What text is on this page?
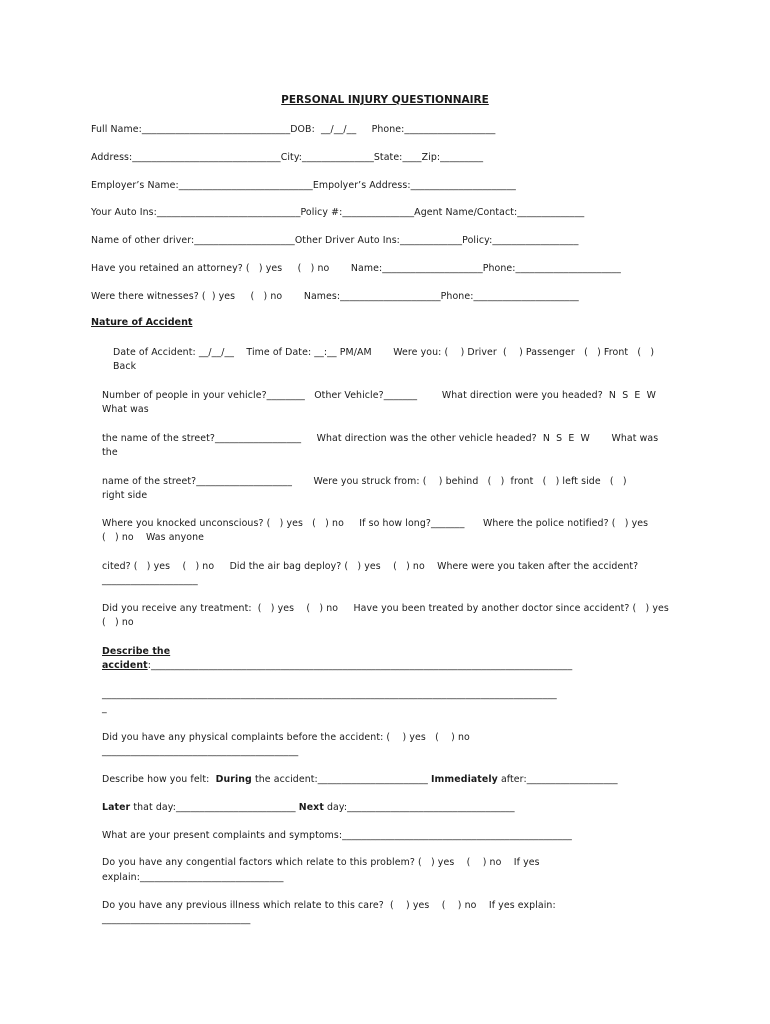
PERSONAL INJURY QUESTIONNAIRE
Full Name:_______________________________DOB:  __/__/__     Phone:___________________
Address:_______________________________City:_______________State:____Zip:_________
Employer’s Name:____________________________Empolyer’s Address:______________________
Your Auto Ins:______________________________Policy #:_______________Agent Name/Contact:______________
Name of other driver:_____________________Other Driver Auto Ins:_____________Policy:__________________
Have you retained an attorney? (   ) yes     (   ) no       Name:_____________________Phone:______________________
Were there witnesses? (  ) yes     (   ) no       Names:_____________________Phone:______________________
Nature of Accident
Date of Accident: __/__/__    Time of Date: __:__ PM/AM       Were you: (    ) Driver  (    ) Passenger   (   ) Front   (   )
Back
Number of people in your vehicle?________   Other Vehicle?_______        What direction were you headed?  N  S  E  W
What was
the name of the street?__________________     What direction was the other vehicle headed?  N  S  E  W       What was
the
name of the street?____________________       Were you struck from: (    ) behind   (   )  front   (   ) left side   (   )
right side
Where you knocked unconscious? (   ) yes   (   ) no     If so how long?_______      Where the police notified? (   ) yes
(   ) no    Was anyone
cited? (   ) yes    (   ) no     Did the air bag deploy? (   ) yes    (   ) no    Where were you taken after the accident?
____________________
Did you receive any treatment:  (   ) yes    (   ) no     Have you been treated by another doctor since accident? (   ) yes
(   ) no
Describe the
accident:________________________________________________________________________________________
_______________________________________________________________________________________________
_
Did you have any physical complaints before the accident: (    ) yes   (    ) no
_________________________________________
Describe how you felt:  During the accident:_______________________ Immediately after:___________________
Later that day:_________________________ Next day:___________________________________
What are your present complaints and symptoms:________________________________________________
Do you have any congential factors which relate to this problem? (   ) yes    (    ) no    If yes
explain:______________________________
Do you have any previous illness which relate to this care?  (    ) yes    (    ) no    If yes explain:
_______________________________
